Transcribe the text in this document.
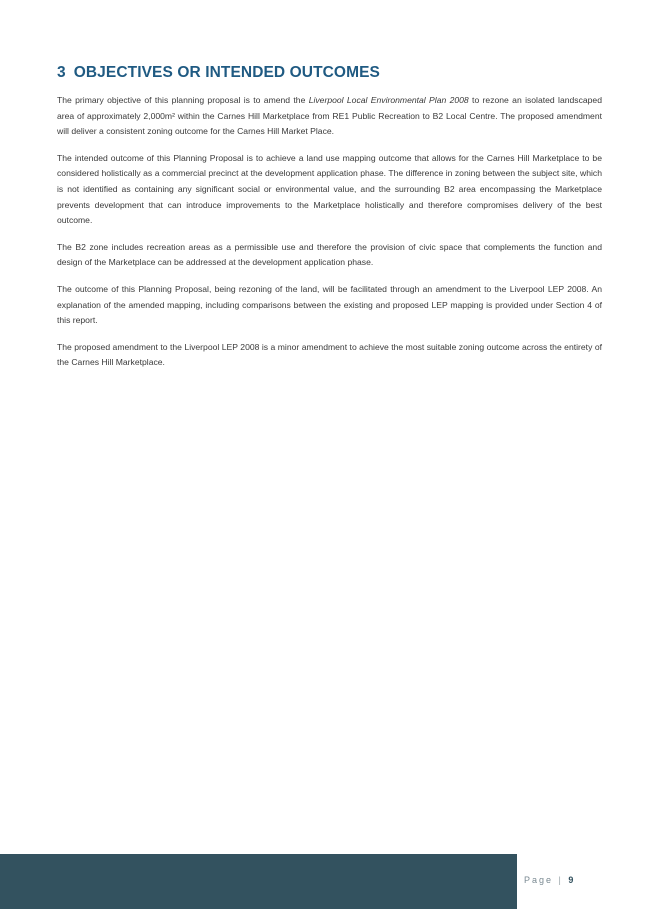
3 OBJECTIVES OR INTENDED OUTCOMES

The primary objective of this planning proposal is to amend the Liverpool Local Environmental Plan 2008 to rezone an isolated landscaped area of approximately 2,000m² within the Carnes Hill Marketplace from RE1 Public Recreation to B2 Local Centre. The proposed amendment will deliver a consistent zoning outcome for the Carnes Hill Market Place.

The intended outcome of this Planning Proposal is to achieve a land use mapping outcome that allows for the Carnes Hill Marketplace to be considered holistically as a commercial precinct at the development application phase. The difference in zoning between the subject site, which is not identified as containing any significant social or environmental value, and the surrounding B2 area encompassing the Marketplace prevents development that can introduce improvements to the Marketplace holistically and therefore compromises delivery of the best outcome.

The B2 zone includes recreation areas as a permissible use and therefore the provision of civic space that complements the function and design of the Marketplace can be addressed at the development application phase.

The outcome of this Planning Proposal, being rezoning of the land, will be facilitated through an amendment to the Liverpool LEP 2008. An explanation of the amended mapping, including comparisons between the existing and proposed LEP mapping is provided under Section 4 of this report.

The proposed amendment to the Liverpool LEP 2008 is a minor amendment to achieve the most suitable zoning outcome across the entirety of the Carnes Hill Marketplace.

Page | 9
